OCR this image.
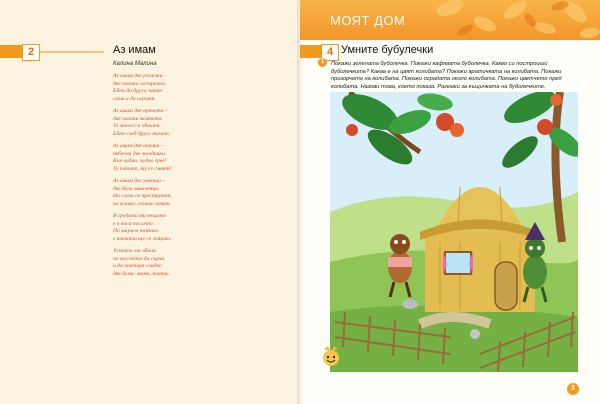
2	Аз имам
Калина Малина
Аз имам две ръчички –
две палави сестрички.
Една до друга знаят
сами и да играят.
Аз имам две крачета –
две палави момчета.
Те много се обичат.
Едно след друго тичат.
Аз имам две очички –
небесни две звездички.
Как чудно, чудно грее!
Ту плачат, ту се смеят!
Аз имам две ушенца –
две бели мишленца.
На слуха се преструват,
на всичко, всичко чуват.
В средата ми нещото
е в носа нослето.
По мириса познава
с каквото ще се гощава.
Устата ми обича
по вкусното да сърча
и да повтаря сладко
две думи: мама, татко.
МОЯТ ДОМ
4 Умните бубулечки
1	Покажи зелената буболечка. Покажи кафявата буболечка. Какво си построиши буболечките? Каква е на цвят колибата? Покажи вратичката на колибата. Покажи прозорчето на колибата. Покажи оградата около колибата. Покажи цветчето пред колибата. Назови това, което показа. Разкажи за къщичката на буболечките.
3
